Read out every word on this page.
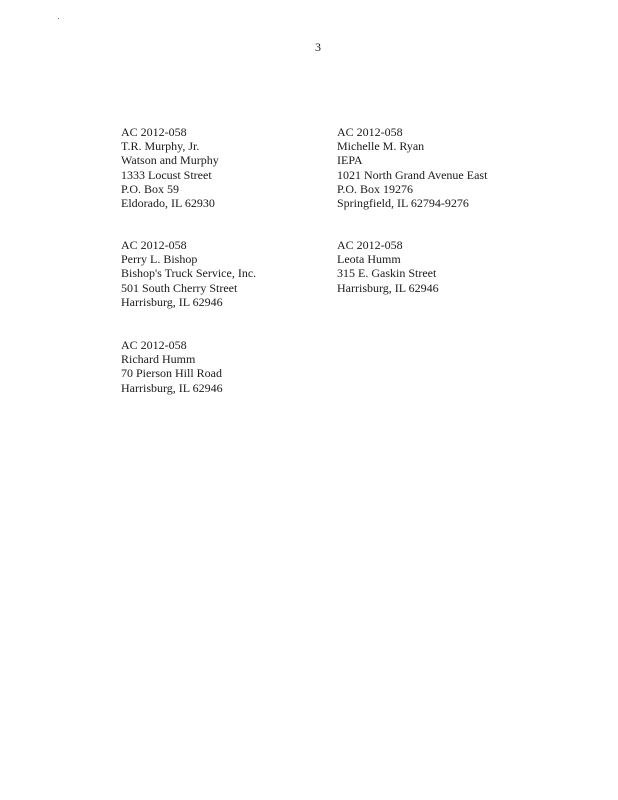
3
AC 2012-058
T.R. Murphy, Jr.
Watson and Murphy
1333 Locust Street
P.O. Box 59
Eldorado, IL 62930
AC 2012-058
Michelle M. Ryan
IEPA
1021 North Grand Avenue East
P.O. Box 19276
Springfield, IL 62794-9276
AC 2012-058
Perry L. Bishop
Bishop's Truck Service, Inc.
501 South Cherry Street
Harrisburg, IL 62946
AC 2012-058
Leota Humm
315 E. Gaskin Street
Harrisburg, IL 62946
AC 2012-058
Richard Humm
70 Pierson Hill Road
Harrisburg, IL 62946
